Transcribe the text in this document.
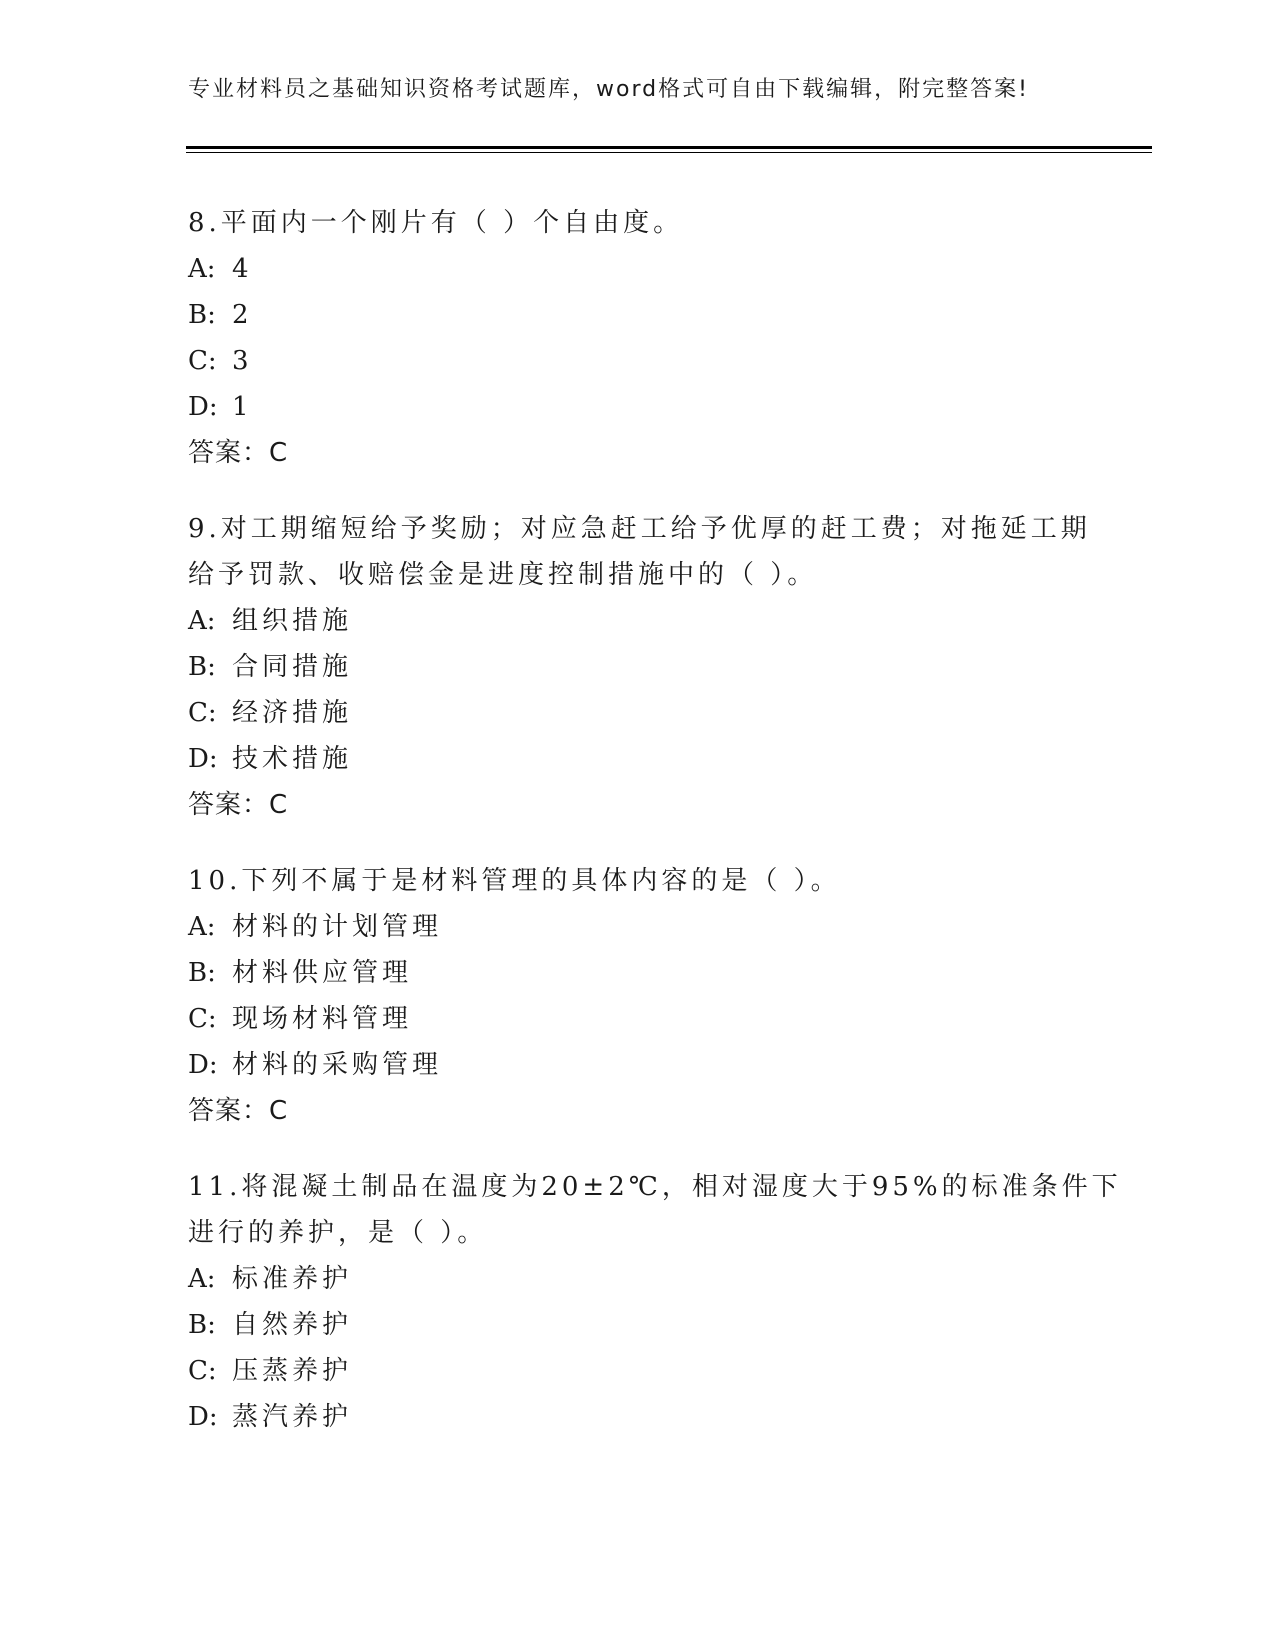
专业材料员之基础知识资格考试题库，word格式可自由下载编辑，附完整答案!

8.平面内一个刚片有（ ）个自由度。

A: 4

B: 2

C: 3

D: 1

答案：C

9.对工期缩短给予奖励；对应急赶工给予优厚的赶工费；对拖延工期

给予罚款、收赔偿金是进度控制措施中的（ ）。

A: 组织措施

B: 合同措施

C: 经济措施

D: 技术措施

答案：C

10.下列不属于是材料管理的具体内容的是（ ）。

A: 材料的计划管理

B: 材料供应管理

C: 现场材料管理

D: 材料的采购管理

答案：C

11.将混凝土制品在温度为20±2℃，相对湿度大于95%的标准条件下

进行的养护，是（ ）。

A: 标准养护

B: 自然养护

C: 压蒸养护

D: 蒸汽养护
